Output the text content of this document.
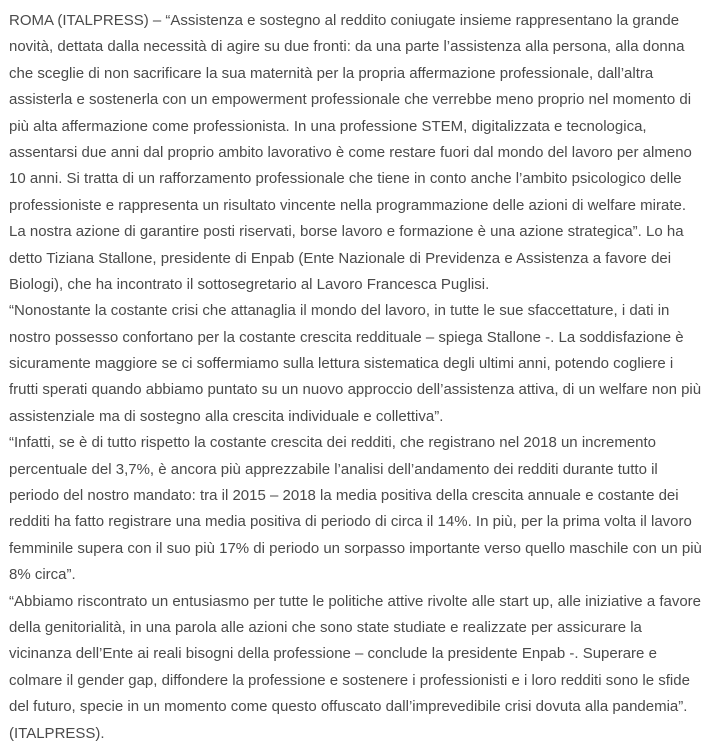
ROMA (ITALPRESS) – “Assistenza e sostegno al reddito coniugate insieme rappresentano la grande
novità, dettata dalla necessità di agire su due fronti: da una parte l’assistenza alla persona, alla donna
che sceglie di non sacrificare la sua maternità per la propria affermazione professionale, dall’altra
assisterla e sostenerla con un empowerment professionale che verrebbe meno proprio nel momento di
più alta affermazione come professionista. In una professione STEM, digitalizzata e tecnologica,
assentarsi due anni dal proprio ambito lavorativo è come restare fuori dal mondo del lavoro per almeno
10 anni. Si tratta di un rafforzamento professionale che tiene in conto anche l’ambito psicologico delle
professioniste e rappresenta un risultato vincente nella programmazione delle azioni di welfare mirate.
La nostra azione di garantire posti riservati, borse lavoro e formazione è una azione strategica”. Lo ha
detto Tiziana Stallone, presidente di Enpab (Ente Nazionale di Previdenza e Assistenza a favore dei
Biologi), che ha incontrato il sottosegretario al Lavoro Francesca Puglisi.
“Nonostante la costante crisi che attanaglia il mondo del lavoro, in tutte le sue sfaccettature, i dati in
nostro possesso confortano per la costante crescita reddituale – spiega Stallone -. La soddisfazione è
sicuramente maggiore se ci soffermiamo sulla lettura sistematica degli ultimi anni, potendo cogliere i
frutti sperati quando abbiamo puntato su un nuovo approccio dell’assistenza attiva, di un welfare non più
assistenziale ma di sostegno alla crescita individuale e collettiva”.
“Infatti, se è di tutto rispetto la costante crescita dei redditi, che registrano nel 2018 un incremento
percentuale del 3,7%, è ancora più apprezzabile l’analisi dell’andamento dei redditi durante tutto il
periodo del nostro mandato: tra il 2015 – 2018 la media positiva della crescita annuale e costante dei
redditi ha fatto registrare una media positiva di periodo di circa il 14%. In più, per la prima volta il lavoro
femminile supera con il suo più 17% di periodo un sorpasso importante verso quello maschile con un più
8% circa”.
“Abbiamo riscontrato un entusiasmo per tutte le politiche attive rivolte alle start up, alle iniziative a favore
della genitorialità, in una parola alle azioni che sono state studiate e realizzate per assicurare la
vicinanza dell’Ente ai reali bisogni della professione – conclude la presidente Enpab -. Superare e
colmare il gender gap, diffondere la professione e sostenere i professionisti e i loro redditi sono le sfide
del futuro, specie in un momento come questo offuscato dall’imprevedibile crisi dovuta alla pandemia”.
(ITALPRESS).
